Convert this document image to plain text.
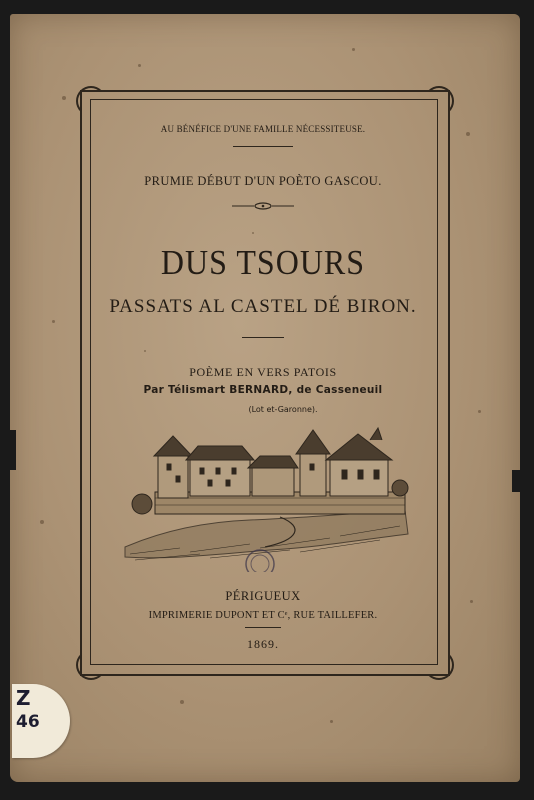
AU BÉNÉFICE D'UNE FAMILLE NÉCESSITEUSE.
PRUMIE DÉBUT D'UN POÈTO GASCOU.
DUS TSOURS
PASSATS AL CASTEL DÉ BIRON.
POÈME EN VERS PATOIS
Par Télismart BERNARD, de Casseneuil
(Lot et-Garonne).
PÉRIGUEUX
IMPRIMERIE DUPONT ET Cᵉ, RUE TAILLEFER.
1869.
Z
46
